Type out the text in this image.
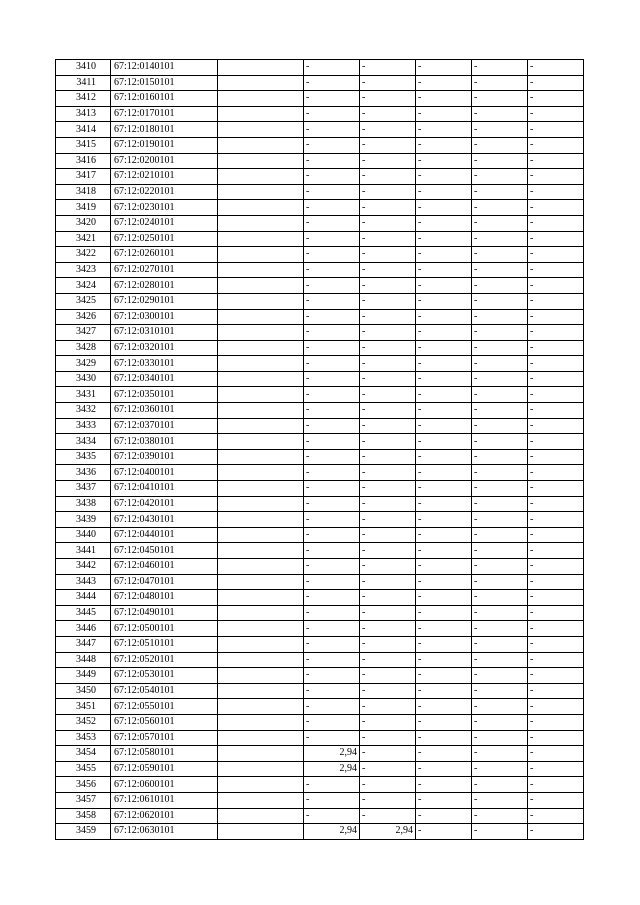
3410	67:12:0140101		-	-	-	-	-
3411	67:12:0150101		-	-	-	-	-
3412	67:12:0160101		-	-	-	-	-
3413	67:12:0170101		-	-	-	-	-
3414	67:12:0180101		-	-	-	-	-
3415	67:12:0190101		-	-	-	-	-
3416	67:12:0200101		-	-	-	-	-
3417	67:12:0210101		-	-	-	-	-
3418	67:12:0220101		-	-	-	-	-
3419	67:12:0230101		-	-	-	-	-
3420	67:12:0240101		-	-	-	-	-
3421	67:12:0250101		-	-	-	-	-
3422	67:12:0260101		-	-	-	-	-
3423	67:12:0270101		-	-	-	-	-
3424	67:12:0280101		-	-	-	-	-
3425	67:12:0290101		-	-	-	-	-
3426	67:12:0300101		-	-	-	-	-
3427	67:12:0310101		-	-	-	-	-
3428	67:12:0320101		-	-	-	-	-
3429	67:12:0330101		-	-	-	-	-
3430	67:12:0340101		-	-	-	-	-
3431	67:12:0350101		-	-	-	-	-
3432	67:12:0360101		-	-	-	-	-
3433	67:12:0370101		-	-	-	-	-
3434	67:12:0380101		-	-	-	-	-
3435	67:12:0390101		-	-	-	-	-
3436	67:12:0400101		-	-	-	-	-
3437	67:12:0410101		-	-	-	-	-
3438	67:12:0420101		-	-	-	-	-
3439	67:12:0430101		-	-	-	-	-
3440	67:12:0440101		-	-	-	-	-
3441	67:12:0450101		-	-	-	-	-
3442	67:12:0460101		-	-	-	-	-
3443	67:12:0470101		-	-	-	-	-
3444	67:12:0480101		-	-	-	-	-
3445	67:12:0490101		-	-	-	-	-
3446	67:12:0500101		-	-	-	-	-
3447	67:12:0510101		-	-	-	-	-
3448	67:12:0520101		-	-	-	-	-
3449	67:12:0530101		-	-	-	-	-
3450	67:12:0540101		-	-	-	-	-
3451	67:12:0550101		-	-	-	-	-
3452	67:12:0560101		-	-	-	-	-
3453	67:12:0570101		-	-	-	-	-
3454	67:12:0580101		2,94	-	-	-	-
3455	67:12:0590101		2,94	-	-	-	-
3456	67:12:0600101		-	-	-	-	-
3457	67:12:0610101		-	-	-	-	-
3458	67:12:0620101		-	-	-	-	-
3459	67:12:0630101		2,94	2,94	-	-	-
